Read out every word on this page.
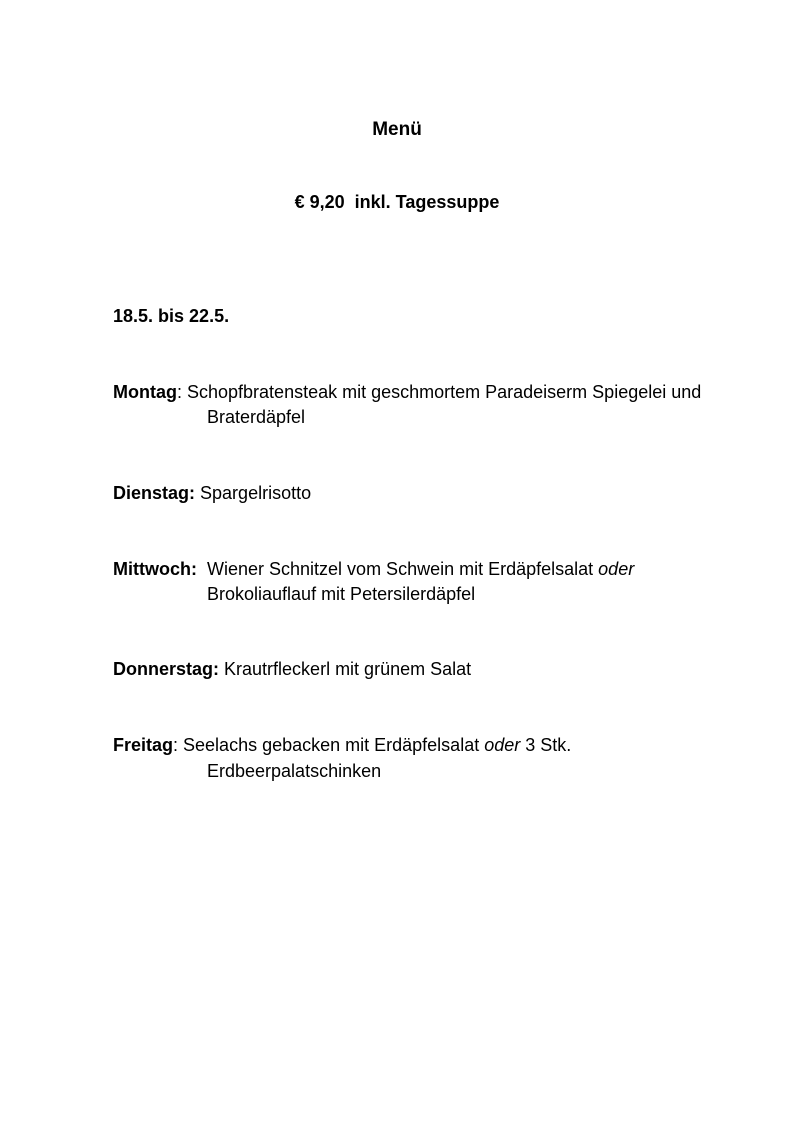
Menü
€ 9,20  inkl. Tagessuppe
18.5. bis 22.5.
Montag: Schopfbratensteak mit geschmortem Paradeiserm Spiegelei und
Braterdäpfel
Dienstag: Spargelrisotto
Mittwoch: Wiener Schnitzel vom Schwein mit Erdäpfelsalat oder
Brokoliauflauf mit Petersilerdäpfel
Donnerstag: Krautrfleckerl mit grünem Salat
Freitag: Seelachs gebacken mit Erdäpfelsalat oder 3 Stk.
Erdbeerpalatschinken
